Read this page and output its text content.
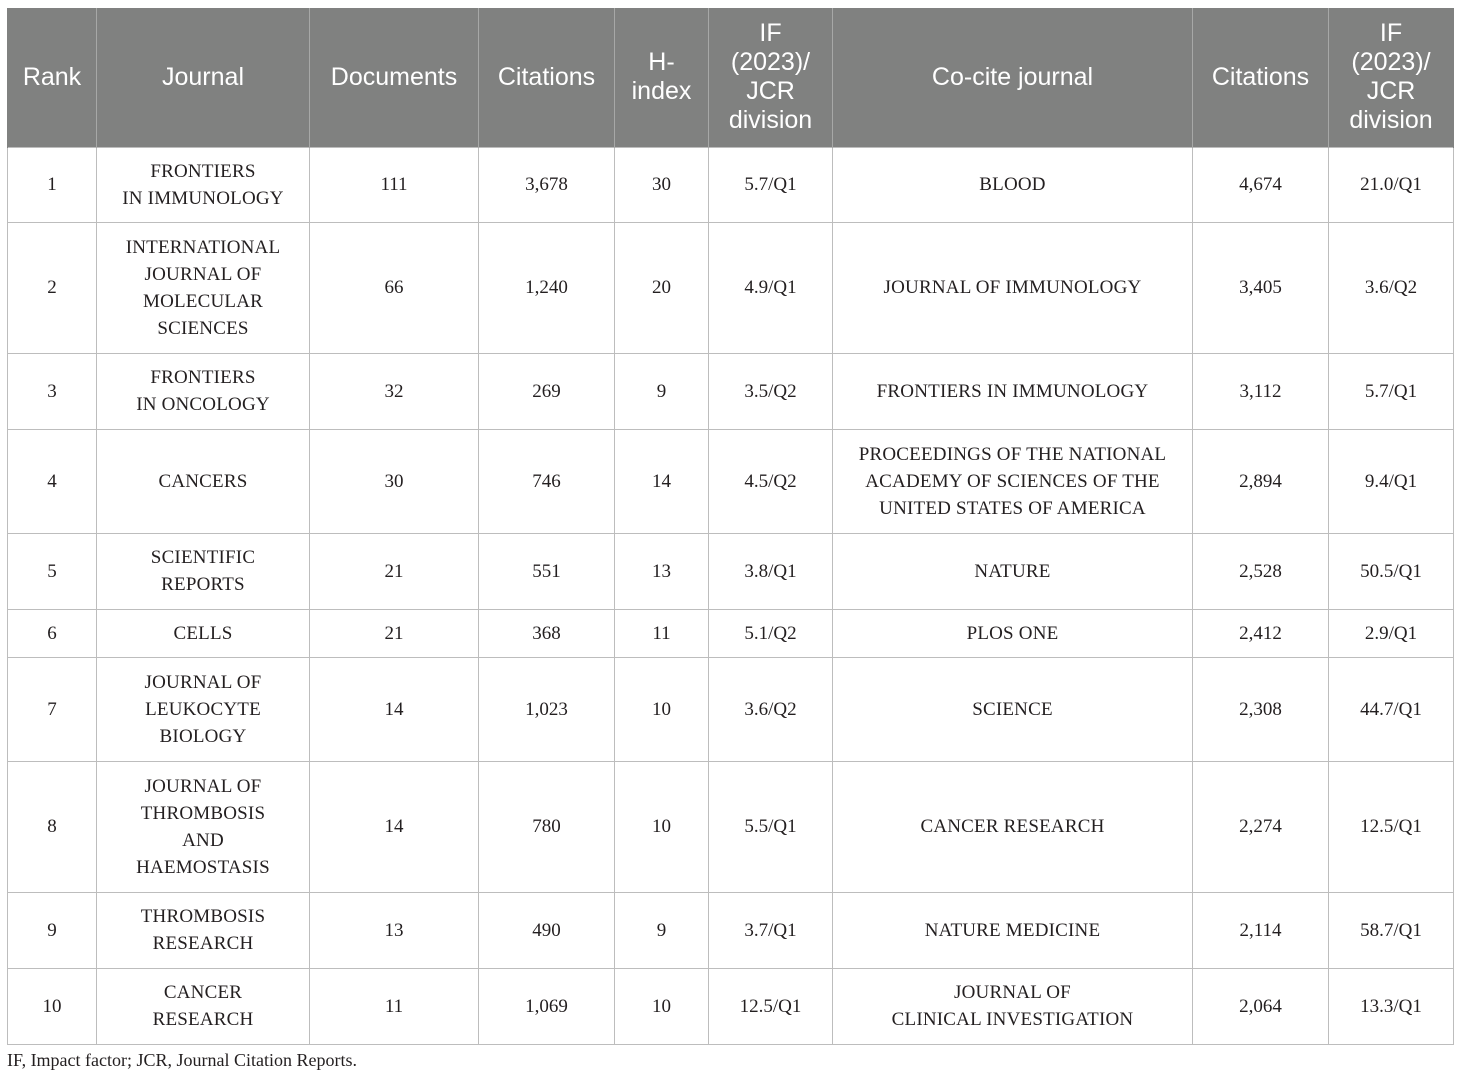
Rank	Journal	Documents	Citations	H-
index	IF
(2023)/
JCR
division	Co-cite journal	Citations	IF
(2023)/
JCR
division
1	FRONTIERS
IN IMMUNOLOGY	111	3,678	30	5.7/Q1	BLOOD	4,674	21.0/Q1
2	INTERNATIONAL
JOURNAL OF
MOLECULAR
SCIENCES	66	1,240	20	4.9/Q1	JOURNAL OF IMMUNOLOGY	3,405	3.6/Q2
3	FRONTIERS
IN ONCOLOGY	32	269	9	3.5/Q2	FRONTIERS IN IMMUNOLOGY	3,112	5.7/Q1
4	CANCERS	30	746	14	4.5/Q2	PROCEEDINGS OF THE NATIONAL
ACADEMY OF SCIENCES OF THE
UNITED STATES OF AMERICA	2,894	9.4/Q1
5	SCIENTIFIC
REPORTS	21	551	13	3.8/Q1	NATURE	2,528	50.5/Q1
6	CELLS	21	368	11	5.1/Q2	PLOS ONE	2,412	2.9/Q1
7	JOURNAL OF
LEUKOCYTE
BIOLOGY	14	1,023	10	3.6/Q2	SCIENCE	2,308	44.7/Q1
8	JOURNAL OF
THROMBOSIS
AND
HAEMOSTASIS	14	780	10	5.5/Q1	CANCER RESEARCH	2,274	12.5/Q1
9	THROMBOSIS
RESEARCH	13	490	9	3.7/Q1	NATURE MEDICINE	2,114	58.7/Q1
10	CANCER
RESEARCH	11	1,069	10	12.5/Q1	JOURNAL OF
CLINICAL INVESTIGATION	2,064	13.3/Q1
IF, Impact factor; JCR, Journal Citation Reports.
